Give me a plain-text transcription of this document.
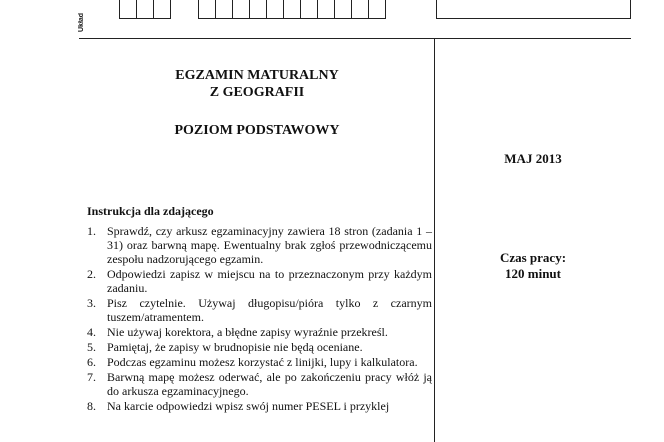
Układ
EGZAMIN MATURALNY
Z GEOGRAFII
POZIOM PODSTAWOWY
Instrukcja dla zdającego
1. Sprawdź, czy arkusz egzaminacyjny zawiera 18 stron (zadania 1 – 31) oraz barwną mapę. Ewentualny brak zgłoś przewodniczącemu zespołu nadzorującego egzamin.
2. Odpowiedzi zapisz w miejscu na to przeznaczonym przy każdym zadaniu.
3. Pisz czytelnie. Używaj długopisu/pióra tylko z czarnym tuszem/atramentem.
4. Nie używaj korektora, a błędne zapisy wyraźnie przekreśl.
5. Pamiętaj, że zapisy w brudnopisie nie będą oceniane.
6. Podczas egzaminu możesz korzystać z linijki, lupy i kalkulatora.
7. Barwną mapę możesz oderwać, ale po zakończeniu pracy włóż ją do arkusza egzaminacyjnego.
8. Na karcie odpowiedzi wpisz swój numer PESEL i przyklej
MAJ 2013
Czas pracy:
120 minut
